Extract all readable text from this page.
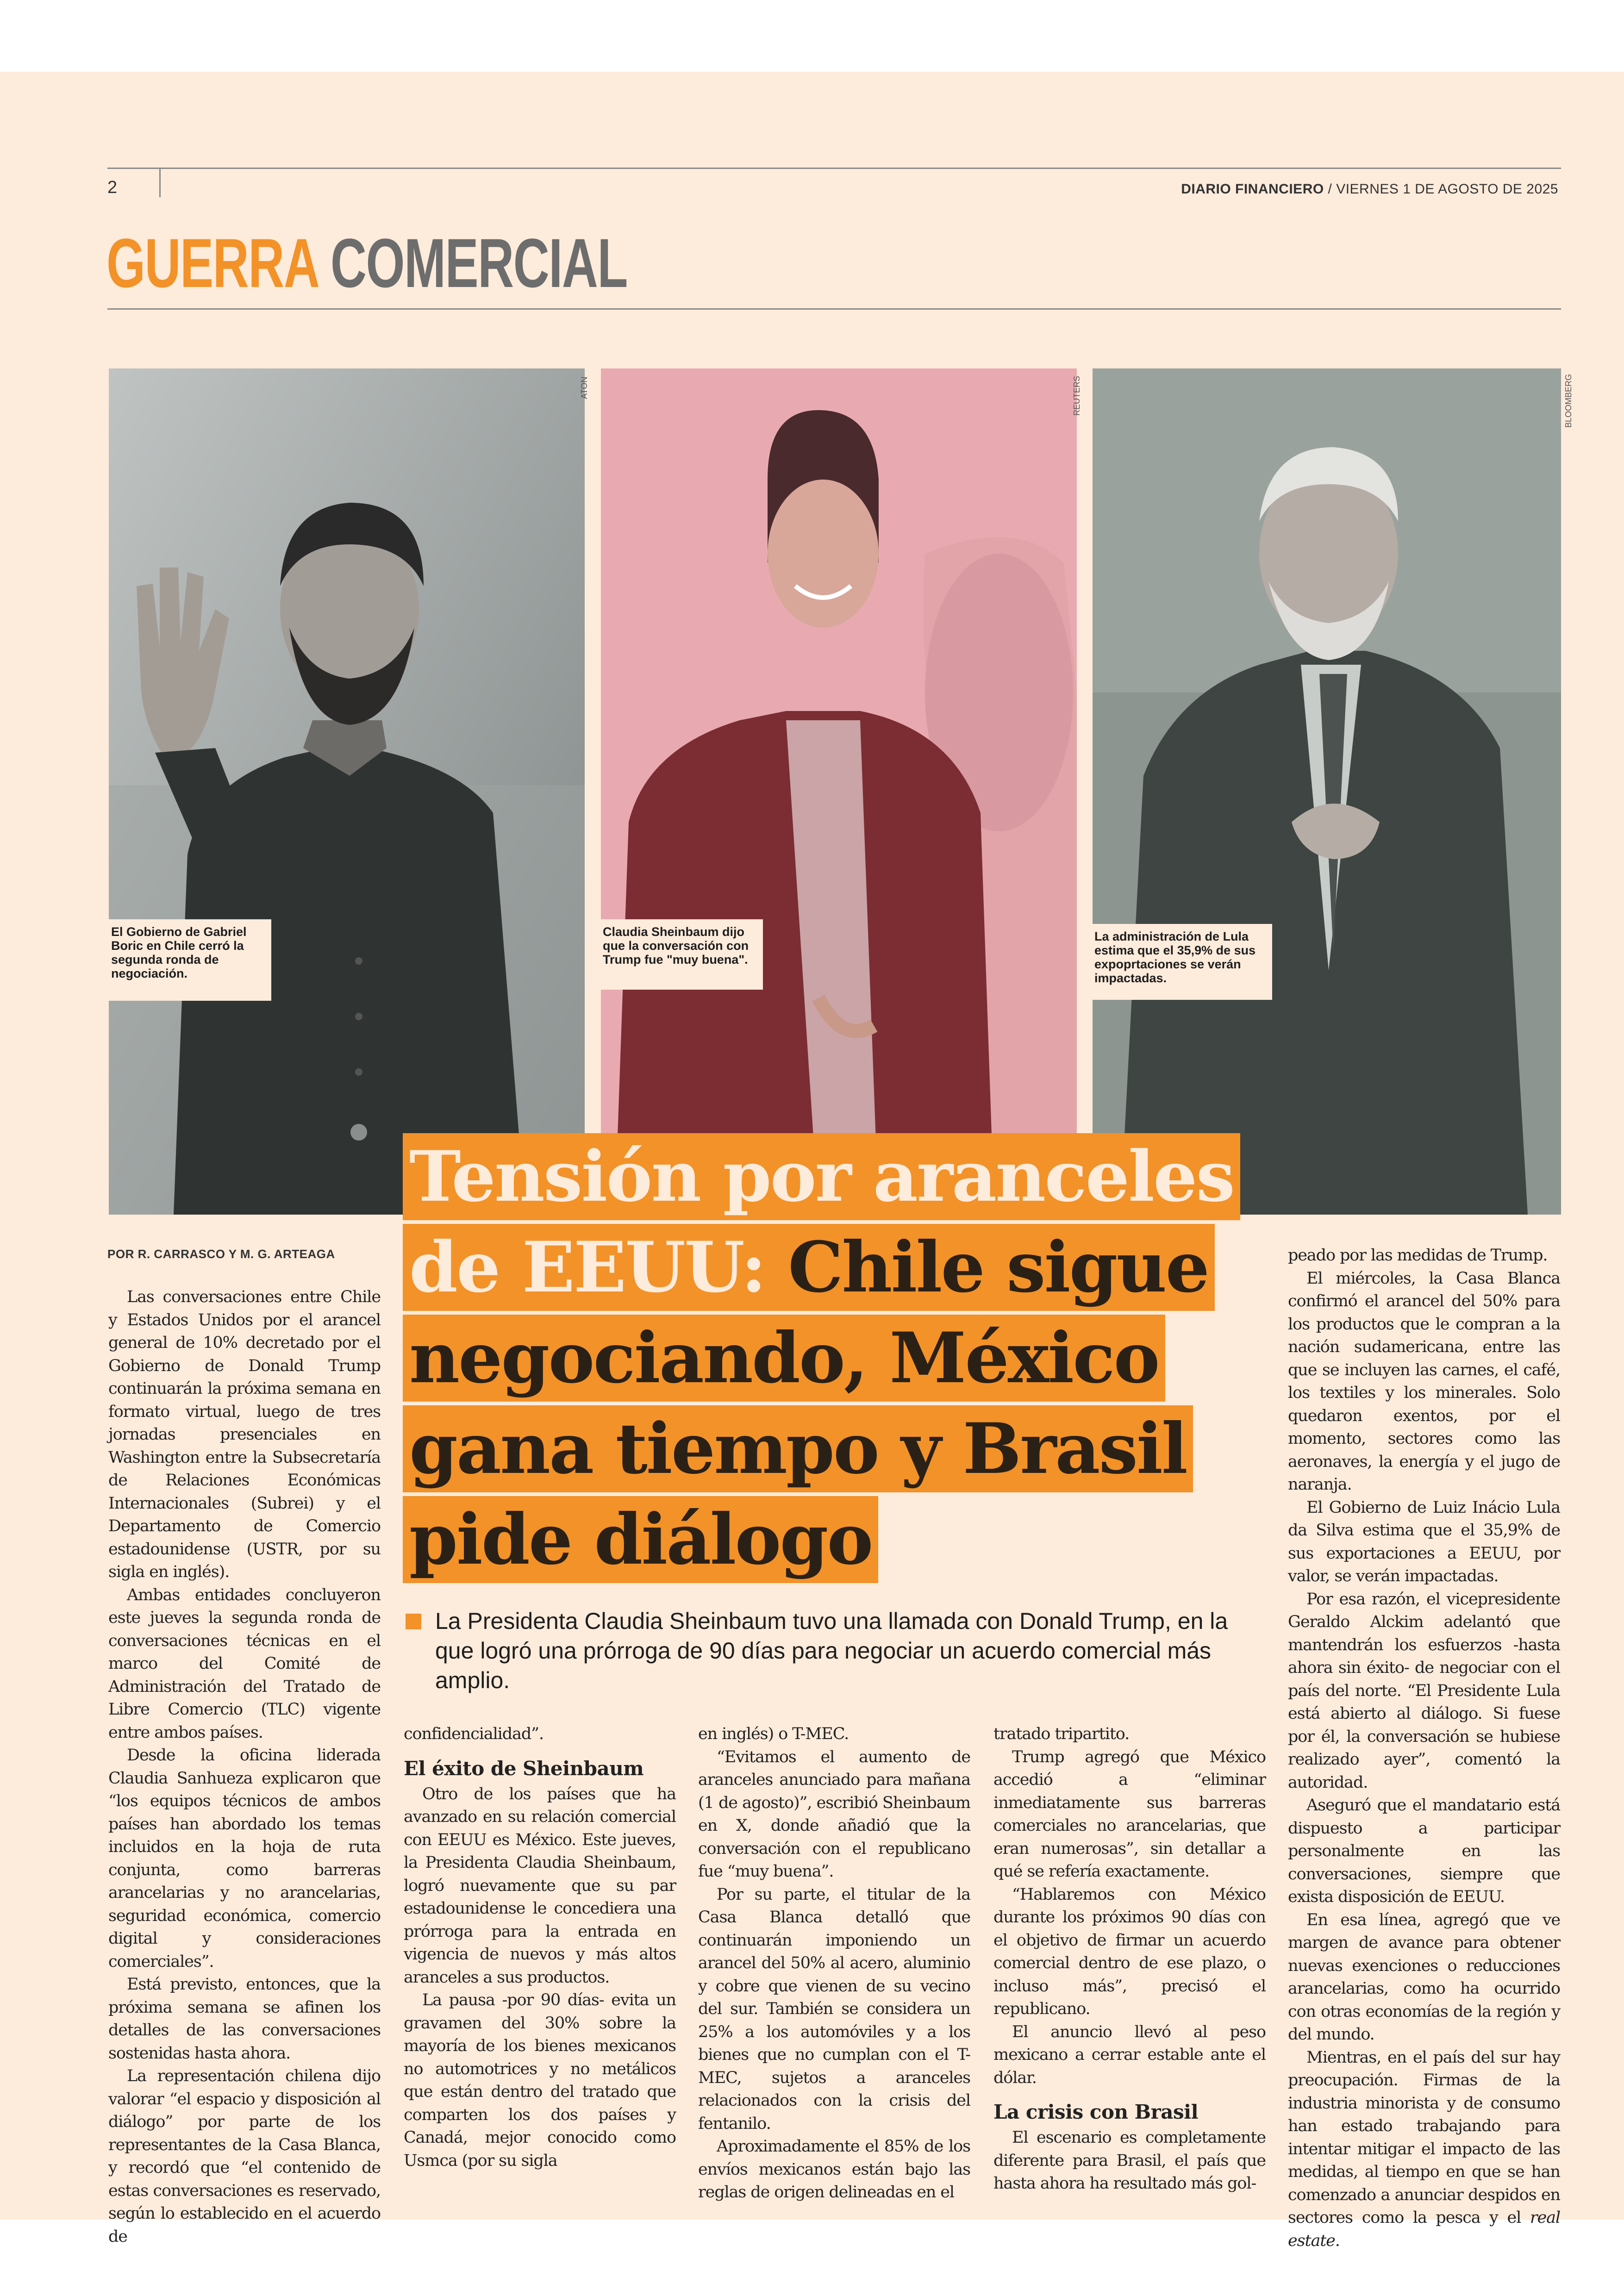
2	DIARIO FINANCIERO / VIERNES 1 DE AGOSTO DE 2025
GUERRA COMERCIAL
ATON
El Gobierno de Gabriel Boric en Chile cerró la segunda ronda de negociación.
REUTERS
Claudia Sheinbaum dijo que la conversación con Trump fue "muy buena".
BLOOMBERG
La administración de Lula estima que el 35,9% de sus expoprtaciones se verán impactadas.
Tensión por aranceles
de EEUU: Chile sigue
negociando, México
gana tiempo y Brasil
pide diálogo
POR R. CARRASCO Y M. G. ARTEAGA
La Presidenta Claudia Sheinbaum tuvo una llamada con Donald Trump, en la que logró una prórroga de 90 días para negociar un acuerdo comercial más amplio.

Las conversaciones entre Chile y Estados Unidos por el arancel general de 10% decretado por el Gobierno de Donald Trump continuarán la próxima semana en formato virtual, luego de tres jornadas presenciales en Washington entre la Subsecretaría de Relaciones Económicas Internacionales (Subrei) y el Departamento de Comercio estadounidense (USTR, por su sigla en inglés).

Ambas entidades concluyeron este jueves la segunda ronda de conversaciones técnicas en el marco del Comité de Administración del Tratado de Libre Comercio (TLC) vigente entre ambos países.

Desde la oficina liderada Claudia Sanhueza explicaron que “los equipos técnicos de ambos países han abordado los temas incluidos en la hoja de ruta conjunta, como barreras arancelarias y no arancelarias, seguridad económica, comercio digital y consideraciones comerciales”.

Está previsto, entonces, que la próxima semana se afinen los detalles de las conversaciones sostenidas hasta ahora.

La representación chilena dijo valorar “el espacio y disposición al diálogo” por parte de los representantes de la Casa Blanca, y recordó que “el contenido de estas conversaciones es reservado, según lo establecido en el acuerdo de

confidencialidad”.

El éxito de Sheinbaum

Otro de los países que ha avanzado en su relación comercial con EEUU es México. Este jueves, la Presidenta Claudia Sheinbaum, logró nuevamente que su par estadounidense le concediera una prórroga para la entrada en vigencia de nuevos y más altos aranceles a sus productos.

La pausa -por 90 días- evita un gravamen del 30% sobre la mayoría de los bienes mexicanos no automotrices y no metálicos que están dentro del tratado que comparten los dos países y Canadá, mejor conocido como Usmca (por su sigla

en inglés) o T-MEC.

“Evitamos el aumento de aranceles anunciado para mañana (1 de agosto)”, escribió Sheinbaum en X, donde añadió que la conversación con el republicano fue “muy buena”.

Por su parte, el titular de la Casa Blanca detalló que continuarán imponiendo un arancel del 50% al acero, aluminio y cobre que vienen de su vecino del sur. También se considera un 25% a los automóviles y a los bienes que no cumplan con el T-MEC, sujetos a aranceles relacionados con la crisis del fentanilo.

Aproximadamente el 85% de los envíos mexicanos están bajo las reglas de origen delineadas en el

tratado tripartito.

Trump agregó que México accedió a “eliminar inmediatamente sus barreras comerciales no arancelarias, que eran numerosas”, sin detallar a qué se refería exactamente.

“Hablaremos con México durante los próximos 90 días con el objetivo de firmar un acuerdo comercial dentro de ese plazo, o incluso más”, precisó el republicano.

El anuncio llevó al peso mexicano a cerrar estable ante el dólar.

La crisis con Brasil

El escenario es completamente diferente para Brasil, el país que hasta ahora ha resultado más gol-

peado por las medidas de Trump.

El miércoles, la Casa Blanca confirmó el arancel del 50% para los productos que le compran a la nación sudamericana, entre las que se incluyen las carnes, el café, los textiles y los minerales. Solo quedaron exentos, por el momento, sectores como las aeronaves, la energía y el jugo de naranja.

El Gobierno de Luiz Inácio Lula da Silva estima que el 35,9% de sus exportaciones a EEUU, por valor, se verán impactadas.

Por esa razón, el vicepresidente Geraldo Alckim adelantó que mantendrán los esfuerzos -hasta ahora sin éxito- de negociar con el país del norte. “El Presidente Lula está abierto al diálogo. Si fuese por él, la conversación se hubiese realizado ayer”, comentó la autoridad.

Aseguró que el mandatario está dispuesto a participar personalmente en las conversaciones, siempre que exista disposición de EEUU.

En esa línea, agregó que ve margen de avance para obtener nuevas exenciones o reducciones arancelarias, como ha ocurrido con otras economías de la región y del mundo.

Mientras, en el país del sur hay preocupación. Firmas de la industria minorista y de consumo han estado trabajando para intentar mitigar el impacto de las medidas, al tiempo en que se han comenzado a anunciar despidos en sectores como la pesca y el real estate.
